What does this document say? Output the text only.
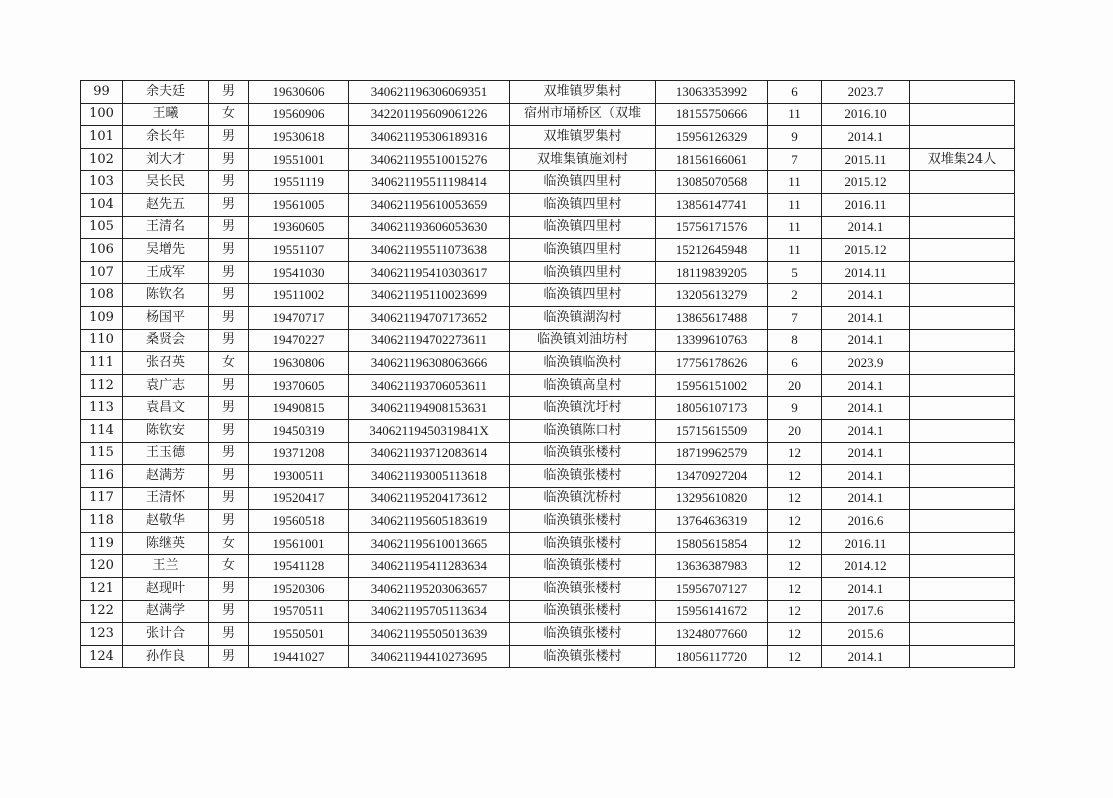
99	余夫廷	男	19630606	340621196306069351	双堆镇罗集村	13063353992	6	2023.7	
100	王曦	女	19560906	342201195609061226	宿州市埇桥区（双堆	18155750666	11	2016.10	
101	余长年	男	19530618	340621195306189316	双堆镇罗集村	15956126329	9	2014.1	
102	刘大才	男	19551001	340621195510015276	双堆集镇施刘村	18156166061	7	2015.11	双堆集24人
103	吴长民	男	19551119	340621195511198414	临涣镇四里村	13085070568	11	2015.12	
104	赵先五	男	19561005	340621195610053659	临涣镇四里村	13856147741	11	2016.11	
105	王清名	男	19360605	340621193606053630	临涣镇四里村	15756171576	11	2014.1	
106	吴增先	男	19551107	340621195511073638	临涣镇四里村	15212645948	11	2015.12	
107	王成军	男	19541030	340621195410303617	临涣镇四里村	18119839205	5	2014.11	
108	陈钦名	男	19511002	340621195110023699	临涣镇四里村	13205613279	2	2014.1	
109	杨国平	男	19470717	340621194707173652	临涣镇湖沟村	13865617488	7	2014.1	
110	桑贤会	男	19470227	340621194702273611	临涣镇刘油坊村	13399610763	8	2014.1	
111	张召英	女	19630806	340621196308063666	临涣镇临涣村	17756178626	6	2023.9	
112	袁广志	男	19370605	340621193706053611	临涣镇高皇村	15956151002	20	2014.1	
113	袁昌文	男	19490815	340621194908153631	临涣镇沈圩村	18056107173	9	2014.1	
114	陈钦安	男	19450319	34062119450319841X	临涣镇陈口村	15715615509	20	2014.1	
115	王玉德	男	19371208	340621193712083614	临涣镇张楼村	18719962579	12	2014.1	
116	赵满芳	男	19300511	340621193005113618	临涣镇张楼村	13470927204	12	2014.1	
117	王清怀	男	19520417	340621195204173612	临涣镇沈桥村	13295610820	12	2014.1	
118	赵敬华	男	19560518	340621195605183619	临涣镇张楼村	13764636319	12	2016.6	
119	陈继英	女	19561001	340621195610013665	临涣镇张楼村	15805615854	12	2016.11	
120	王兰	女	19541128	340621195411283634	临涣镇张楼村	13636387983	12	2014.12	
121	赵现叶	男	19520306	340621195203063657	临涣镇张楼村	15956707127	12	2014.1	
122	赵满学	男	19570511	340621195705113634	临涣镇张楼村	15956141672	12	2017.6	
123	张计合	男	19550501	340621195505013639	临涣镇张楼村	13248077660	12	2015.6	
124	孙作良	男	19441027	340621194410273695	临涣镇张楼村	18056117720	12	2014.1	
